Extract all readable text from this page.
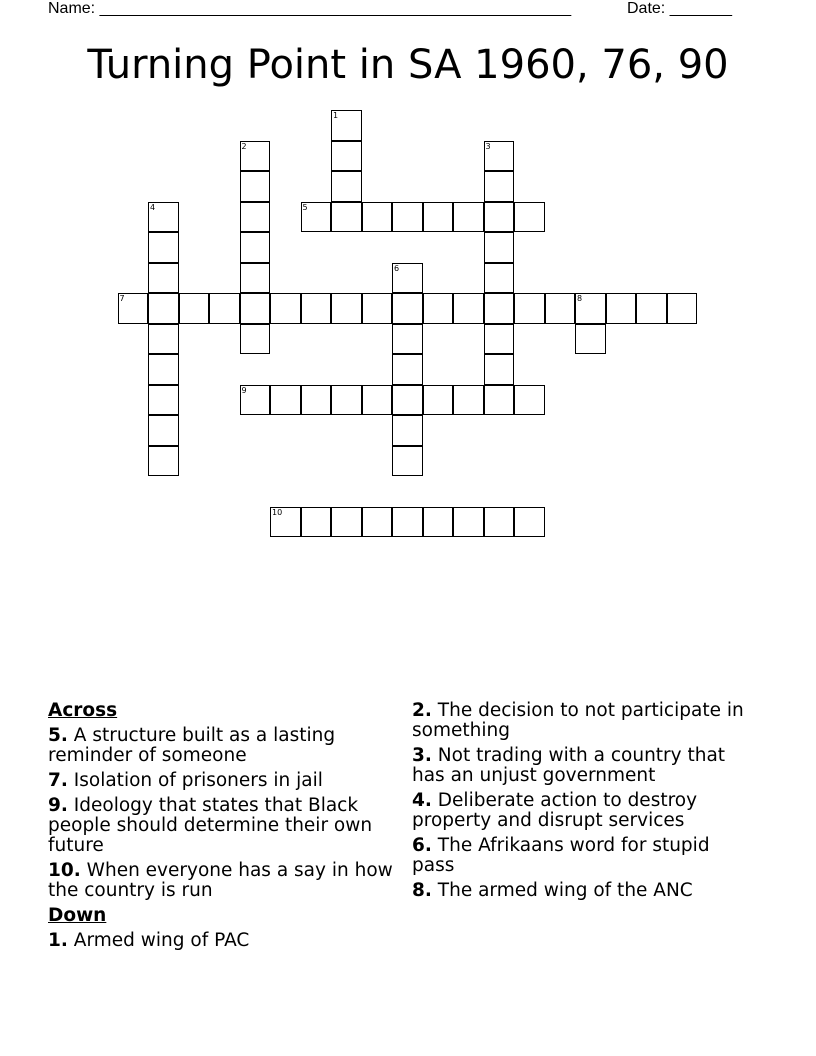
Name: _____________________________________________________	Date: _______
Turning Point in SA 1960, 76, 90
1
2	3
4	5
6
7	8
9
10
Across
5. A structure built as a lasting reminder of someone
7. Isolation of prisoners in jail
9. Ideology that states that Black people should determine their own future
10. When everyone has a say in how the country is run
Down
1. Armed wing of PAC
2. The decision to not participate in something
3. Not trading with a country that has an unjust government
4. Deliberate action to destroy property and disrupt services
6. The Afrikaans word for stupid pass
8. The armed wing of the ANC
